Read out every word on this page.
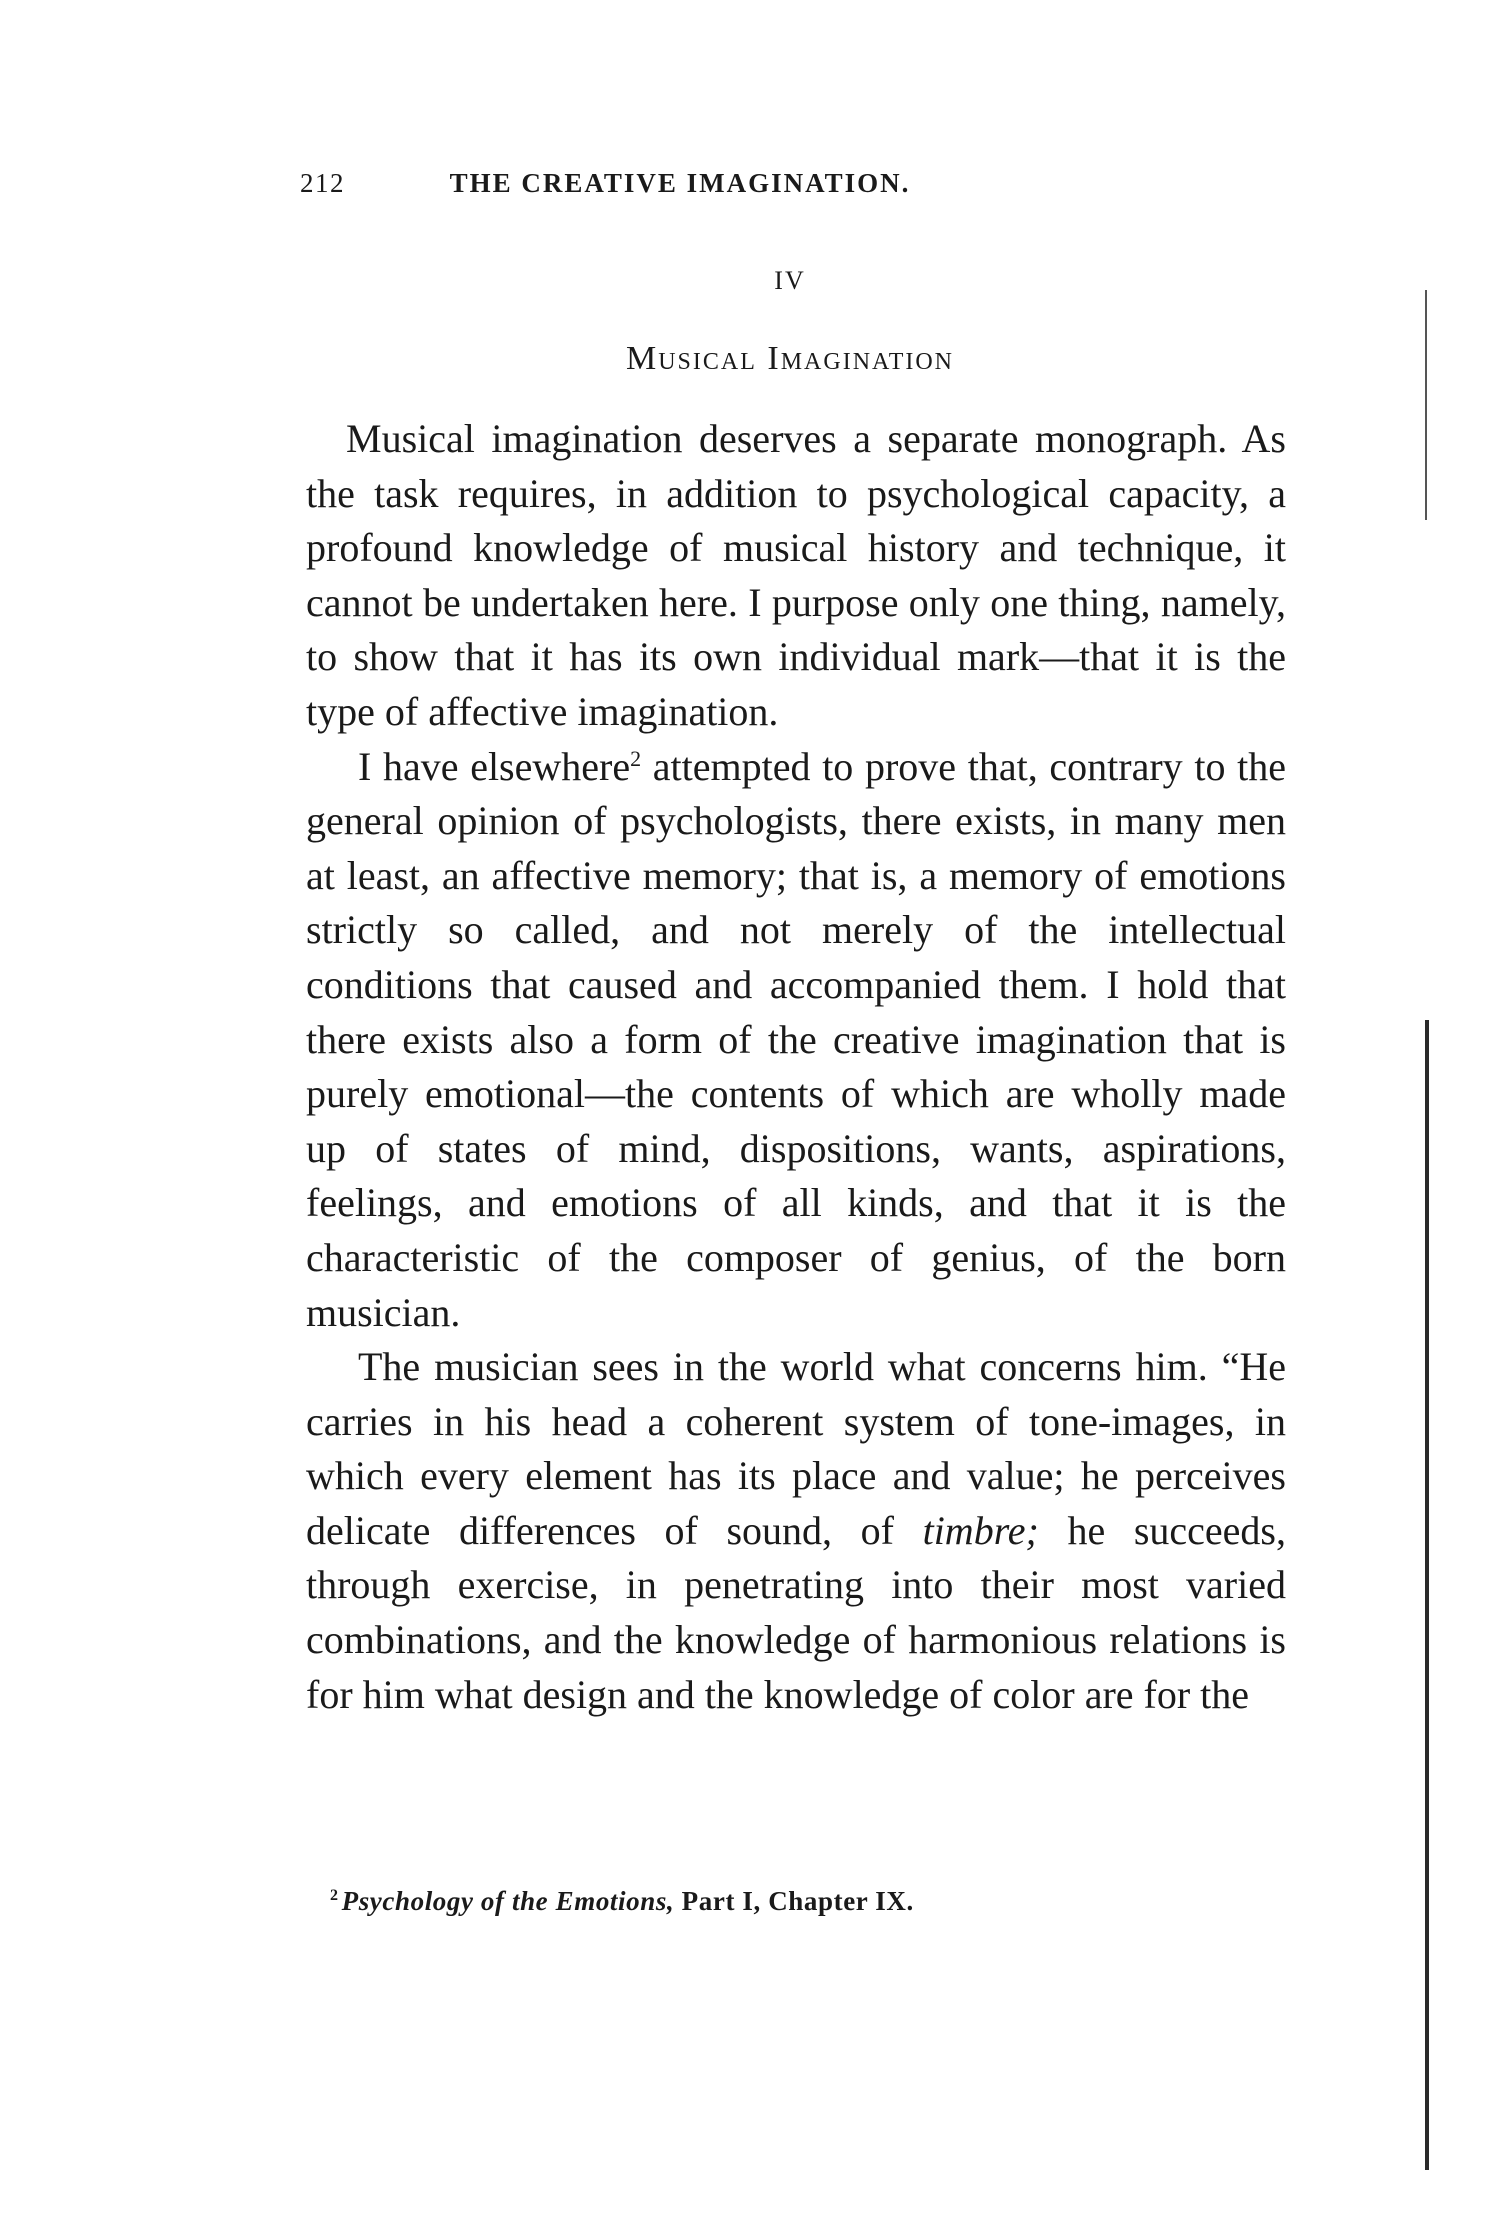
212	THE CREATIVE IMAGINATION.
IV
Musical Imagination

Musical imagination deserves a separate monograph. As the task requires, in addition to psychological capacity, a profound knowledge of musical history and technique, it cannot be undertaken here. I purpose only one thing, namely, to show that it has its own individual mark—that it is the type of affective imagination.

I have elsewhere$^2$ attempted to prove that, contrary to the general opinion of psychologists, there exists, in many men at least, an affective memory; that is, a memory of emotions strictly so called, and not merely of the intellectual conditions that caused and accompanied them. I hold that there exists also a form of the creative imagination that is purely emotional—the contents of which are wholly made up of states of mind, dispositions, wants, aspirations, feelings, and emotions of all kinds, and that it is the characteristic of the composer of genius, of the born musician.

The musician sees in the world what concerns him. “He carries in his head a coherent system of tone-images, in which every element has its place and value; he perceives delicate differences of sound, of timbre; he succeeds, through exercise, in penetrating into their most varied combinations, and the knowledge of harmonious relations is for him what design and the knowledge of color are for the

$^2$ Psychology of the Emotions, Part I, Chapter IX.
